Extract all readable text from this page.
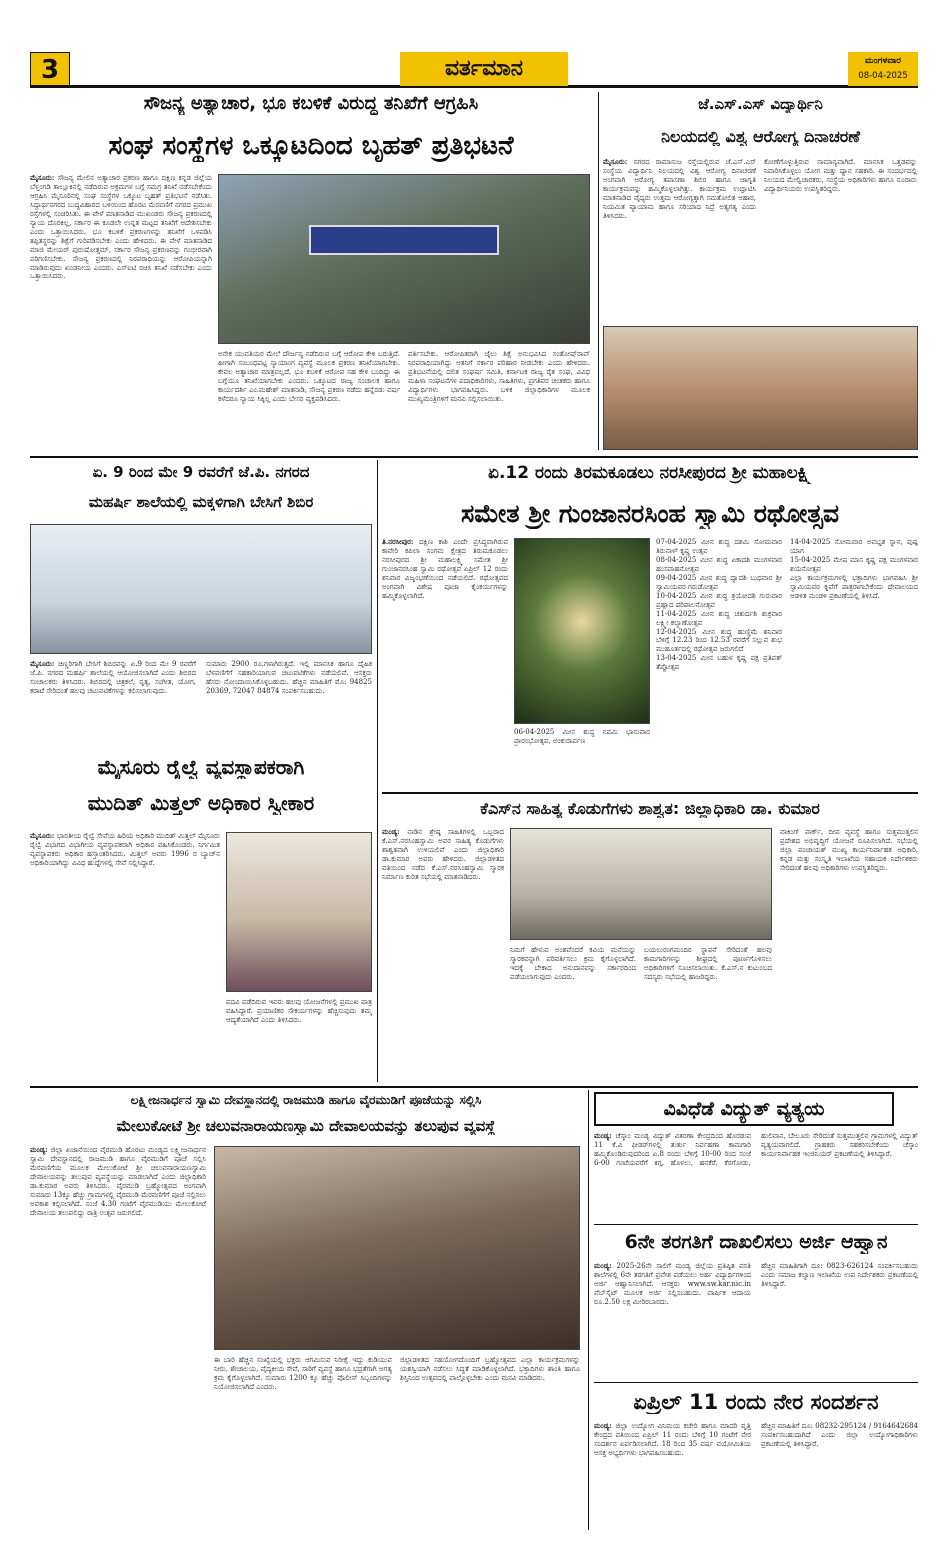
3	ವರ್ತಮಾನ	ಮಂಗಳವಾರ
08-04-2025
ಸೌಜನ್ಯ ಅತ್ಯಾಚಾರ, ಭೂ ಕಬಳಿಕೆ ವಿರುದ್ಧ ತನಿಖೆಗೆ ಆಗ್ರಹಿಸಿ
ಸಂಘ ಸಂಸ್ಥೆಗಳ ಒಕ್ಕೂಟದಿಂದ ಬೃಹತ್ ಪ್ರತಿಭಟನೆ
ಮೈಸೂರು: ಸೌಜನ್ಯ ಮೇಲಿನ ಅತ್ಯಾಚಾರ ಪ್ರಕರಣ ಹಾಗೂ ದಕ್ಷಿಣ ಕನ್ನಡ ಜಿಲ್ಲೆಯ ಬೆಳ್ತಂಗಡಿ ತಾಲ್ಲೂಕಿನಲ್ಲಿ ನಡೆದಿರುವ ಅಕ್ರಮಗಳ ಬಗ್ಗೆ ಸಮಗ್ರ ತನಿಖೆ ನಡೆಸಬೇಕೆಂದು ಆಗ್ರಹಿಸಿ ಮೈಸೂರಿನಲ್ಲಿ ಸಂಘ ಸಂಸ್ಥೆಗಳ ಒಕ್ಕೂಟ ಬೃಹತ್ ಪ್ರತಿಭಟನೆ ನಡೆಸಿತು. ಸಿದ್ದಾರ್ಥನಗರದ ಬುದ್ಧವಿಹಾರದ ಬಳಿಯಿಂದ ಹೊರಟ ಮೆರವಣಿಗೆ ನಗರದ ಪ್ರಮುಖ ರಸ್ತೆಗಳಲ್ಲಿ ಸಂಚರಿಸಿತು. ಈ ವೇಳೆ ಮಾತನಾಡಿದ ಮುಖಂಡರು ಸೌಜನ್ಯ ಪ್ರಕರಣದಲ್ಲಿ ನ್ಯಾಯ ದೊರಕಿಲ್ಲ, ಸರ್ಕಾರ ಈ ಕೂಡಲೇ ಉನ್ನತ ಮಟ್ಟದ ತನಿಖೆಗೆ ಆದೇಶಿಸಬೇಕು ಎಂದು ಒತ್ತಾಯಿಸಿದರು. ಭೂ ಕಬಳಿಕೆ ಪ್ರಕರಣಗಳನ್ನು ತನಿಖೆಗೆ ಒಳಪಡಿಸಿ ತಪ್ಪಿತಸ್ಥರನ್ನು ಶಿಕ್ಷೆಗೆ ಗುರಿಪಡಿಸಬೇಕು ಎಂದು ಹೇಳಿದರು. ಈ ವೇಳೆ ಮಾತನಾಡಿದ ಮಾಜಿ ಮೇಯರ್ ಪುರುಷೋತ್ತಮ್, ಸರ್ಕಾರ ಸೌಜನ್ಯ ಪ್ರಕರಣವನ್ನು ಗಂಭೀರವಾಗಿ ಪರಿಗಣಿಸಬೇಕು. ಸೌಜನ್ಯ ಪ್ರಕರಣದಲ್ಲಿ ನಿರಪರಾಧಿಯನ್ನು ಆರೋಪಿಯನ್ನಾಗಿ ಮಾಡಿರುವುದು ಖಂಡನೀಯ ಎಂದರು. ಎಸ್‌ಐಟಿ ರಚಿಸಿ ತನಿಖೆ ನಡೆಸಬೇಕು ಎಂದು ಒತ್ತಾಯಿಸಿದರು.
ಅನೇಕ ಯುವತಿಯರ ಮೇಲೆ ದೌರ್ಜನ್ಯ ನಡೆದಿರುವ ಬಗ್ಗೆ ಆರೋಪ ಕೇಳಿ ಬರುತ್ತಿದೆ. ಹೀಗಾಗಿ ಸಂಬಂಧಪಟ್ಟ ನ್ಯಾಯಾಂಗ ವ್ಯವಸ್ಥೆ ಮೂಲಕ ಪ್ರಕರಣ ತನಿಖೆಯಾಗಬೇಕು. ಕೇವಲ ಅತ್ಯಾಚಾರ ಮಾತ್ರವಲ್ಲದೆ, ಭೂ ಕಬಳಿಕೆ ಆರೋಪ ಸಹ ಕೇಳಿ ಬಂದಿದ್ದು ಈ ಬಗ್ಗೆಯೂ ತನಿಖೆಯಾಗಬೇಕು ಎಂದರು. ಒಕ್ಕೂಟದ ರಾಜ್ಯ ಸಂಚಾಲಕ ಹಾಗೂ ಕಾರ್ಯದರ್ಶಿ ಎಂ.ಮಹೇಶ್ ಮಾತನಾಡಿ, ಸೌಜನ್ಯ ಪ್ರಕರಣ ನಡೆದು ಹನ್ನೆರಡು ವರ್ಷ ಕಳೆದರೂ ನ್ಯಾಯ ಸಿಕ್ಕಿಲ್ಲ ಎಂದು ಬೇಸರ ವ್ಯಕ್ತಪಡಿಸಿದರು.
ವರ್ತಿಸಬೇಕು. ಆರೋಪಿತರಾಗಿ ಜೈಲು ಶಿಕ್ಷೆ ಅನುಭವಿಸಿದ ಸಂತೋಷ್‌ರಾವ್ ನಿರಪರಾಧಿಯಾಗಿದ್ದು ಆತನಿಗೆ ಸರ್ಕಾರ ಪರಿಹಾರ ನೀಡಬೇಕು ಎಂದು ಹೇಳಿದರು. ಪ್ರತಿಭಟನೆಯಲ್ಲಿ ದಲಿತ ಸಂಘರ್ಷ ಸಮಿತಿ, ಕರ್ನಾಟಕ ರಾಜ್ಯ ರೈತ ಸಂಘ, ವಿವಿಧ ಮಹಿಳಾ ಸಂಘಟನೆಗಳ ಪದಾಧಿಕಾರಿಗಳು, ಸಾಹಿತಿಗಳು, ಪ್ರಗತಿಪರ ಚಿಂತಕರು ಹಾಗೂ ವಿದ್ಯಾರ್ಥಿಗಳು ಭಾಗವಹಿಸಿದ್ದರು. ಬಳಿಕ ಜಿಲ್ಲಾಧಿಕಾರಿಗಳ ಮೂಲಕ ಮುಖ್ಯಮಂತ್ರಿಗಳಿಗೆ ಮನವಿ ಸಲ್ಲಿಸಲಾಯಿತು.
ಜೆ.ಎಸ್.ಎಸ್ ವಿದ್ಯಾರ್ಥಿನಿ
ನಿಲಯದಲ್ಲಿ ವಿಶ್ವ ಆರೋಗ್ಯ ದಿನಾಚರಣೆ
ಮೈಸೂರು: ನಗರದ ರಾಮಾನುಜ ರಸ್ತೆಯಲ್ಲಿರುವ ಜೆ.ಎಸ್.ಎಸ್ ಸಂಸ್ಥೆಯ ವಿದ್ಯಾರ್ಥಿನಿ ನಿಲಯದಲ್ಲಿ ವಿಶ್ವ ಆರೋಗ್ಯ ದಿನಾಚರಣೆ ಅಂಗವಾಗಿ ಆರೋಗ್ಯ ತಪಾಸಣಾ ಶಿಬಿರ ಹಾಗೂ ಜಾಗೃತಿ ಕಾರ್ಯಕ್ರಮವನ್ನು ಹಮ್ಮಿಕೊಳ್ಳಲಾಗಿತ್ತು. ಕಾರ್ಯಕ್ರಮ ಉದ್ಘಾಟಿಸಿ ಮಾತನಾಡಿದ ವೈದ್ಯರು ಉತ್ತಮ ಆರೋಗ್ಯಕ್ಕಾಗಿ ಸಮತೋಲಿತ ಆಹಾರ, ನಿಯಮಿತ ವ್ಯಾಯಾಮ ಹಾಗೂ ಸರಿಯಾದ ನಿದ್ರೆ ಅತ್ಯಗತ್ಯ ಎಂದು ತಿಳಿಸಿದರು.
ಕೋಣೆಗೊಳ್ಳುತ್ತಿರುವ ಸಾಮಾನ್ಯವಾಗಿದೆ. ಮಾನಸಿಕ ಒತ್ತಡವನ್ನು ನಿವಾರಿಸಿಕೊಳ್ಳಲು ಯೋಗ ಮತ್ತು ಧ್ಯಾನ ಸಹಕಾರಿ. ಈ ಸಂದರ್ಭದಲ್ಲಿ ನಿಲಯದ ಮೇಲ್ವಿಚಾರಕರು, ಸಂಸ್ಥೆಯ ಅಧಿಕಾರಿಗಳು ಹಾಗೂ ನೂರಾರು ವಿದ್ಯಾರ್ಥಿನಿಯರು ಉಪಸ್ಥಿತರಿದ್ದರು.
ಏ. 9 ರಿಂದ ಮೇ 9 ರವರೆಗೆ ಜೆ.ಪಿ. ನಗರದ
ಮಹರ್ಷಿ ಶಾಲೆಯಲ್ಲಿ ಮಕ್ಕಳಿಗಾಗಿ ಬೇಸಿಗೆ ಶಿಬಿರ
ಮೈಸೂರು: ಚಿಣ್ಣರಿಗಾಗಿ ಬೇಸಿಗೆ ಶಿಬಿರವನ್ನು ಏ.9 ರಿಂದ ಮೇ 9 ರವರೆಗೆ ಜೆ.ಪಿ. ನಗರದ ಮಹರ್ಷಿ ಶಾಲೆಯಲ್ಲಿ ಆಯೋಜಿಸಲಾಗಿದೆ ಎಂದು ಶಿಬಿರದ ಸಂಚಾಲಕರು ತಿಳಿಸಿದರು. ಶಿಬಿರದಲ್ಲಿ ಚಿತ್ರಕಲೆ, ನೃತ್ಯ, ಸಂಗೀತ, ಯೋಗ, ಕರಾಟೆ ಸೇರಿದಂತೆ ಹಲವು ಚಟುವಟಿಕೆಗಳನ್ನು ಕಲಿಸಲಾಗುವುದು.
ಸುಮಾರು 2900 ರೂ.ಗಳಾಗಿರುತ್ತದೆ. ಇಲ್ಲಿ ಮಾನಸಿಕ ಹಾಗೂ ದೈಹಿಕ ಬೆಳವಣಿಗೆಗೆ ಸಹಕಾರಿಯಾಗುವ ಚಟುವಟಿಕೆಗಳು ನಡೆಯಲಿವೆ. ಆಸಕ್ತರು ಹೆಸರು ನೋಂದಾಯಿಸಿಕೊಳ್ಳಬಹುದು. ಹೆಚ್ಚಿನ ಮಾಹಿತಿಗೆ ಮೊ: 94825 20369, 72047 84874 ಸಂಪರ್ಕಿಸಬಹುದು.
ಮೈಸೂರು ರೈಲ್ವೆ ವ್ಯವಸ್ಥಾಪಕರಾಗಿ
ಮುದಿತ್ ಮಿತ್ತಲ್ ಅಧಿಕಾರ ಸ್ವೀಕಾರ
ಮೈಸೂರು: ಭಾರತೀಯ ರೈಲ್ವೆ ಸೇವೆಯ ಹಿರಿಯ ಅಧಿಕಾರಿ ಮುದಿತ್ ಮಿತ್ತಲ್ ಮೈಸೂರು ರೈಲ್ವೆ ವಿಭಾಗದ ವಿಭಾಗೀಯ ವ್ಯವಸ್ಥಾಪಕರಾಗಿ ಅಧಿಕಾರ ವಹಿಸಿಕೊಂಡರು. ನಿರ್ಗಮಿತ ವ್ಯವಸ್ಥಾಪಕರು ಅಧಿಕಾರ ಹಸ್ತಾಂತರಿಸಿದರು. ಮಿತ್ತಲ್ ಅವರು 1996 ರ ಬ್ಯಾಚ್‌ನ ಅಧಿಕಾರಿಯಾಗಿದ್ದು ವಿವಿಧ ಹುದ್ದೆಗಳಲ್ಲಿ ಸೇವೆ ಸಲ್ಲಿಸಿದ್ದಾರೆ.
ಪದವಿ ಪಡೆದಿರುವ ಇವರು ಹಲವು ಯೋಜನೆಗಳಲ್ಲಿ ಪ್ರಮುಖ ಪಾತ್ರ ವಹಿಸಿದ್ದಾರೆ. ಪ್ರಯಾಣಿಕರ ಸೌಕರ್ಯಗಳನ್ನು ಹೆಚ್ಚಿಸುವುದು ತಮ್ಮ ಆದ್ಯತೆಯಾಗಿದೆ ಎಂದು ತಿಳಿಸಿದರು.
ಏ.12 ರಂದು ತಿರಮಕೂಡಲು ನರಸೀಪುರದ ಶ್ರೀ ಮಹಾಲಕ್ಷ್ಮಿ
ಸಮೇತ ಶ್ರೀ ಗುಂಜಾನರಸಿಂಹ ಸ್ವಾಮಿ ರಥೋತ್ಸವ
ತಿ.ನರಸೀಪುರ: ದಕ್ಷಿಣ ಕಾಶಿ ಎಂದೇ ಪ್ರಸಿದ್ಧವಾಗಿರುವ ಕಾವೇರಿ ಕಪಿಲಾ ಸಂಗಮ ಕ್ಷೇತ್ರದ ತಿರುಮಕೂಡಲು ನರಸೀಪುರದ ಶ್ರೀ ಮಹಾಲಕ್ಷ್ಮಿ ಸಮೇತ ಶ್ರೀ ಗುಂಜಾನರಸಿಂಹ ಸ್ವಾಮಿ ರಥೋತ್ಸವ ಏಪ್ರಿಲ್ 12 ರಂದು ಶನಿವಾರ ವಿಜೃಂಭಣೆಯಿಂದ ನಡೆಯಲಿದೆ. ರಥೋತ್ಸವದ ಅಂಗವಾಗಿ ವಿಶೇಷ ಪೂಜಾ ಕೈಂಕರ್ಯಗಳನ್ನು ಹಮ್ಮಿಕೊಳ್ಳಲಾಗಿದೆ.
06-04-2025 ಮೀನ ಶುದ್ಧ ನವಮಿ ಭಾನುವಾರ ಪ್ರಾರಂಭೋತ್ಸವ, ಅಂಕುರಾರ್ಪಣ
07-04-2025 ಮೀನ ಶುದ್ಧ ದಶಮಿ ಸೋಮವಾರ ತಿರುನಾಳ್ ಕೃಷ್ಣ ಉತ್ಸವ
08-04-2025 ಮೀನ ಶುದ್ಧ ಏಕಾದಶಿ ಮಂಗಳವಾರ ಹಂಸವಾಹನೋತ್ಸವ
09-04-2025 ಮೀನ ಶುದ್ಧ ದ್ವಾದಶಿ ಬುಧವಾರ ಶ್ರೀ ಸ್ವಾಮಿಯವರ ಗರುಡೋತ್ಸವ
10-04-2025 ಮೀನ ಶುದ್ಧ ತ್ರಯೋದಶಿ ಗುರುವಾರ ಪ್ರಹ್ಲಾದ ಪರಿಪಾಲನೋತ್ಸವ
11-04-2025 ಮೀನ ಶುದ್ಧ ಚತುರ್ದಶಿ ಶುಕ್ರವಾರ ಲಕ್ಷ್ಮೀ ಕಲ್ಯಾಣೋತ್ಸವ
12-04-2025 ಮೀನ ಶುದ್ಧ ಹುಣ್ಣಿಮೆ ಶನಿವಾರ ಬೆಳಿಗ್ಗೆ 12.23 ರಿಂದ 12.53 ರವರೆಗೆ ಸಲ್ಲುವ ಶುಭ ಮುಹೂರ್ತದಲ್ಲಿ ರಥೋತ್ಸವ ಜರುಗಲಿದೆ
13-04-2025 ಮೀನ ಬಹುಳ ಕೃಷ್ಣ ಪಕ್ಷ ಪ್ರತಿಪತ್ ತೆಪ್ಪೋತ್ಸವ
14-04-2025 ಸೋಮವಾರ ಅವಭೃತ ಸ್ನಾನ, ಪುಷ್ಪ ಯಾಗ
15-04-2025 ಮೇಷ ಮಾಸ ಕೃಷ್ಣ ಪಕ್ಷ ಮಂಗಳವಾರ ಶಯನೋತ್ಸವ
ಎಲ್ಲಾ ಕಾರ್ಯಕ್ರಮಗಳಲ್ಲಿ ಭಕ್ತಾದಿಗಳು ಭಾಗವಹಿಸಿ ಶ್ರೀ ಸ್ವಾಮಿಯವರ ಕೃಪೆಗೆ ಪಾತ್ರರಾಗಬೇಕೆಂದು ದೇವಾಲಯದ ಆಡಳಿತ ಮಂಡಳಿ ಪ್ರಕಟಣೆಯಲ್ಲಿ ತಿಳಿಸಿದೆ.
ಕೆಎಸ್‌ನ ಸಾಹಿತ್ಯ ಕೊಡುಗೆಗಳು ಶಾಶ್ವತ: ಜಿಲ್ಲಾಧಿಕಾರಿ ಡಾ. ಕುಮಾರ
ಮಂಡ್ಯ: ನಾಡಿನ ಶ್ರೇಷ್ಠ ಸಾಹಿತಿಗಳಲ್ಲಿ ಒಬ್ಬರಾದ ಕೆ.ಎಸ್.ನರಸಿಂಹಸ್ವಾಮಿ ಅವರ ಸಾಹಿತ್ಯ ಕೊಡುಗೆಗಳು ಶಾಶ್ವತವಾಗಿ ಉಳಿಯಲಿವೆ ಎಂದು ಜಿಲ್ಲಾಧಿಕಾರಿ ಡಾ.ಕುಮಾರ ಅವರು ಹೇಳಿದರು. ಜಿಲ್ಲಾಡಳಿತದ ವತಿಯಿಂದ ನಡೆದ ಕೆ.ಎಸ್.ನರಸಿಂಹಸ್ವಾಮಿ ಸ್ಮಾರಕ ನಿರ್ಮಾಣ ಕುರಿತ ಸಭೆಯಲ್ಲಿ ಮಾತನಾಡಿದರು.
ನಿಮಗೆ ಹೇಳುವ ಅಂಶವೆಂದರೆ ಕವಿಯ ಮನೆಯನ್ನು ಸ್ಮಾರಕವನ್ನಾಗಿ ಪರಿವರ್ತಿಸಲು ಕ್ರಮ ಕೈಗೊಳ್ಳಲಾಗಿದೆ. ಇದಕ್ಕೆ ಬೇಕಾದ ಅನುದಾನವನ್ನು ಸರ್ಕಾರದಿಂದ ಪಡೆಯಲಾಗುವುದು ಎಂದರು.
ಬಯಲುರಂಗಮಂದಿರ ಸ್ಥಾಪನೆ ಸೇರಿದಂತೆ ಹಲವು ಕಾಮಗಾರಿಗಳನ್ನು ಶೀಘ್ರದಲ್ಲಿ ಪೂರ್ಣಗೊಳಿಸಲು ಅಧಿಕಾರಿಗಳಿಗೆ ಸೂಚಿಸಲಾಯಿತು. ಕೆ.ಎಸ್.ನ ಕುಟುಂಬದ ಸದಸ್ಯರು ಸಭೆಯಲ್ಲಿ ಹಾಜರಿದ್ದರು.
ವಾಕಿಂಗ್ ಪಾರ್ಕ್, ದೀಪ ವ್ಯವಸ್ಥೆ ಹಾಗೂ ಸುತ್ತಮುತ್ತಲಿನ ಪ್ರದೇಶದ ಅಭಿವೃದ್ಧಿಗೆ ಯೋಜನೆ ರೂಪಿಸಲಾಗಿದೆ. ಸಭೆಯಲ್ಲಿ ಜಿಲ್ಲಾ ಪಂಚಾಯತ್ ಮುಖ್ಯ ಕಾರ್ಯನಿರ್ವಾಹಕ ಅಧಿಕಾರಿ, ಕನ್ನಡ ಮತ್ತು ಸಂಸ್ಕೃತಿ ಇಲಾಖೆಯ ಸಹಾಯಕ ನಿರ್ದೇಶಕರು ಸೇರಿದಂತೆ ಹಲವು ಅಧಿಕಾರಿಗಳು ಉಪಸ್ಥಿತರಿದ್ದರು.
ಲಕ್ಷ್ಮೀಜನಾರ್ಧನ ಸ್ವಾಮಿ ದೇವಸ್ಥಾನದಲ್ಲಿ ರಾಜಮುಡಿ ಹಾಗೂ ವೈರಮುಡಿಗೆ ಪೂಜೆಯನ್ನು ಸಲ್ಲಿಸಿ
ಮೇಲುಕೋಟೆ ಶ್ರೀ ಚಲುವನಾರಾಯಣಸ್ವಾಮಿ ದೇವಾಲಯವನ್ನು ತಲುಪುವ ವ್ಯವಸ್ಥೆ
ಮಂಡ್ಯ: ಜಿಲ್ಲಾ ಖಜಾನೆಯಿಂದ ವೈರಮುಡಿ ಹೊರಟು ಮಂಡ್ಯದ ಲಕ್ಷ್ಮೀಜನಾರ್ಧನ ಸ್ವಾಮಿ ದೇವಸ್ಥಾನದಲ್ಲಿ ರಾಜಮುಡಿ ಹಾಗೂ ವೈರಮುಡಿಗೆ ಪೂಜೆ ಸಲ್ಲಿಸಿ ಮೆರವಣಿಗೆಯ ಮೂಲಕ ಮೇಲುಕೋಟೆ ಶ್ರೀ ಚಲುವನಾರಾಯಣಸ್ವಾಮಿ ದೇವಾಲಯವನ್ನು ತಲುಪುವ ವ್ಯವಸ್ಥೆಯನ್ನು ಮಾಡಲಾಗಿದೆ ಎಂದು ಜಿಲ್ಲಾಧಿಕಾರಿ ಡಾ.ಕುಮಾರ ಅವರು ತಿಳಿಸಿದರು. ವೈರಮುಡಿ ಬ್ರಹ್ಮೋತ್ಸವದ ಅಂಗವಾಗಿ ಸುಮಾರು 13ಕ್ಕೂ ಹೆಚ್ಚು ಗ್ರಾಮಗಳಲ್ಲಿ ವೈರಮುಡಿ ಮೆರವಣಿಗೆಗೆ ಪೂಜೆ ಸಲ್ಲಿಸಲು ಅವಕಾಶ ಕಲ್ಪಿಸಲಾಗಿದೆ. ಸಂಜೆ 4.30 ಗಂಟೆಗೆ ವೈರಮುಡಿಯು ಮೇಲುಕೋಟೆ ದೇವಾಲಯ ತಲುಪಲಿದ್ದು ರಾತ್ರಿ ಉತ್ಸವ ಜರುಗಲಿದೆ.
ಈ ಬಾರಿ ಹೆಚ್ಚಿನ ಸಂಖ್ಯೆಯಲ್ಲಿ ಭಕ್ತರು ಆಗಮಿಸುವ ನಿರೀಕ್ಷೆ ಇದ್ದು ಕುಡಿಯುವ ನೀರು, ಶೌಚಾಲಯ, ವೈದ್ಯಕೀಯ ಸೇವೆ, ಸಾರಿಗೆ ವ್ಯವಸ್ಥೆ ಹಾಗೂ ಭದ್ರತೆಗಾಗಿ ಅಗತ್ಯ ಕ್ರಮ ಕೈಗೊಳ್ಳಲಾಗಿದೆ. ಸುಮಾರು 1200 ಕ್ಕೂ ಹೆಚ್ಚು ಪೊಲೀಸ್ ಸಿಬ್ಬಂದಿಗಳನ್ನು ನಿಯೋಜಿಸಲಾಗಿದೆ ಎಂದರು.
ಜಿಲ್ಲಾಡಳಿತದ ಸಹಯೋಗದೊಂದಿಗೆ ಬ್ರಹ್ಮೋತ್ಸವದ ಎಲ್ಲಾ ಕಾರ್ಯಕ್ರಮಗಳನ್ನು ಯಶಸ್ವಿಯಾಗಿ ನಡೆಸಲು ಸಿದ್ಧತೆ ಮಾಡಿಕೊಳ್ಳಲಾಗಿದೆ. ಭಕ್ತಾದಿಗಳು ಶಾಂತಿ ಹಾಗೂ ಶಿಸ್ತಿನಿಂದ ಉತ್ಸವದಲ್ಲಿ ಪಾಲ್ಗೊಳ್ಳಬೇಕು ಎಂದು ಮನವಿ ಮಾಡಿದರು.
ವಿವಿಧೆಡೆ ವಿದ್ಯುತ್ ವ್ಯತ್ಯಯ
ಮಂಡ್ಯ: ಚೆಸ್ಕಾಂ ಮಂಡ್ಯ ವಿದ್ಯುತ್ ವಿತರಣಾ ಕೇಂದ್ರದಿಂದ ಹೊರಡುವ 11 ಕೆ.ವಿ ಫೀಡರ್‌ಗಳಲ್ಲಿ ತುರ್ತು ನಿರ್ವಹಣಾ ಕಾಮಗಾರಿ ಹಮ್ಮಿಕೊಂಡಿರುವುದರಿಂದ ಏ.8 ರಂದು ಬೆಳಿಗ್ಗೆ 10-00 ರಿಂದ ಸಂಜೆ 6-00 ಗಂಟೆಯವರೆಗೆ ಕಿಗ್ಗ, ಹೊಳಲು, ಹನಕೆರೆ, ಕೆರಗೋಡು, ಹುಲಿವಾನ, ಬೇಲೂರು ಸೇರಿದಂತೆ ಸುತ್ತಮುತ್ತಲಿನ ಗ್ರಾಮಗಳಲ್ಲಿ ವಿದ್ಯುತ್ ವ್ಯತ್ಯಯವಾಗಲಿದೆ. ಗ್ರಾಹಕರು ಸಹಕರಿಸಬೇಕೆಂದು ಚೆಸ್ಕಾಂ ಕಾರ್ಯನಿರ್ವಾಹಕ ಇಂಜಿನಿಯರ್ ಪ್ರಕಟಣೆಯಲ್ಲಿ ತಿಳಿಸಿದ್ದಾರೆ.
6ನೇ ತರಗತಿಗೆ ದಾಖಲಿಸಲು ಅರ್ಜಿ ಆಹ್ವಾನ
ಮಂಡ್ಯ: 2025-26ನೇ ಸಾಲಿಗೆ ಮಂಡ್ಯ ಜಿಲ್ಲೆಯ ಪ್ರತಿಷ್ಠಿತ ವಸತಿ ಶಾಲೆಗಳಲ್ಲಿ 6ನೇ ತರಗತಿಗೆ ಪ್ರವೇಶ ಪಡೆಯಲು ಅರ್ಹ ವಿದ್ಯಾರ್ಥಿಗಳಿಂದ ಅರ್ಜಿ ಆಹ್ವಾನಿಸಲಾಗಿದೆ. ಆಸಕ್ತರು www.sw.kar.nic.in ವೆಬ್‌ಸೈಟ್ ಮೂಲಕ ಅರ್ಜಿ ಸಲ್ಲಿಸಬಹುದು. ವಾರ್ಷಿಕ ಆದಾಯ ರೂ.2.50 ಲಕ್ಷ ಮೀರಿರಬಾರದು.
ಹೆಚ್ಚಿನ ಮಾಹಿತಿಗಾಗಿ ದೂ: 0823-626124 ಸಂಪರ್ಕಿಸಬಹುದು ಎಂದು ಸಮಾಜ ಕಲ್ಯಾಣ ಇಲಾಖೆಯ ಉಪ ನಿರ್ದೇಶಕರು ಪ್ರಕಟಣೆಯಲ್ಲಿ ತಿಳಿಸಿದ್ದಾರೆ.
ಏಪ್ರಿಲ್ 11 ರಂದು ನೇರ ಸಂದರ್ಶನ
ಮಂಡ್ಯ: ಜಿಲ್ಲಾ ಉದ್ಯೋಗ ವಿನಿಮಯ ಕಚೇರಿ ಹಾಗೂ ಮಾದರಿ ವೃತ್ತಿ ಕೇಂದ್ರದ ವತಿಯಿಂದ ಏಪ್ರಿಲ್ 11 ರಂದು ಬೆಳಿಗ್ಗೆ 10 ಗಂಟೆಗೆ ನೇರ ಸಂದರ್ಶನ ಏರ್ಪಡಿಸಲಾಗಿದೆ. 18 ರಿಂದ 35 ವರ್ಷ ವಯೋಮಿತಿಯ ಆಸಕ್ತ ಅಭ್ಯರ್ಥಿಗಳು ಭಾಗವಹಿಸಬಹುದು.
ಹೆಚ್ಚಿನ ಮಾಹಿತಿಗೆ ದೂ: 08232-295124 / 9164642684 ಸಂಪರ್ಕಿಸಬಹುದಾಗಿದೆ ಎಂದು ಜಿಲ್ಲಾ ಉದ್ಯೋಗಾಧಿಕಾರಿಗಳು ಪ್ರಕಟಣೆಯಲ್ಲಿ ತಿಳಿಸಿದ್ದಾರೆ.
